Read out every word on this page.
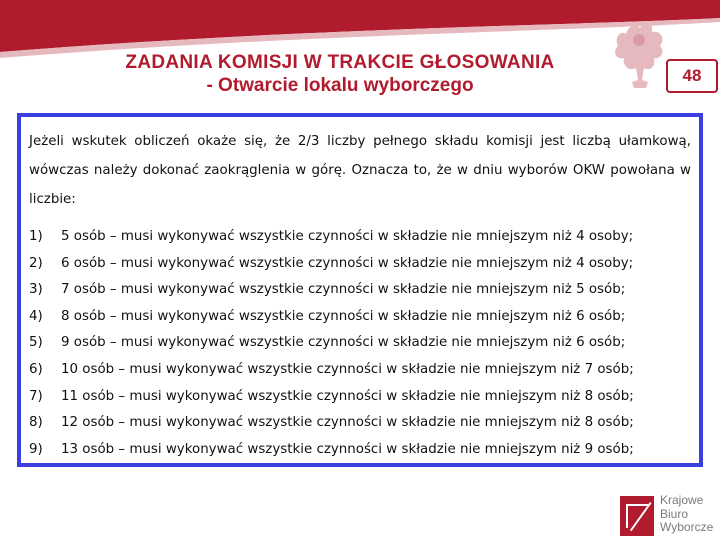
ZADANIA KOMISJI W TRAKCIE GŁOSOWANIA
- Otwarcie lokalu wyborczego	48

Jeżeli wskutek obliczeń okaże się, że 2/3 liczby pełnego składu komisji jest liczbą ułamkową, wówczas należy dokonać zaokrąglenia w górę. Oznacza to, że w dniu wyborów OKW powołana w liczbie:

1)	5 osób – musi wykonywać wszystkie czynności w składzie nie mniejszym niż 4 osoby;
2)	6 osób – musi wykonywać wszystkie czynności w składzie nie mniejszym niż 4 osoby;
3)	7 osób – musi wykonywać wszystkie czynności w składzie nie mniejszym niż 5 osób;
4)	8 osób – musi wykonywać wszystkie czynności w składzie nie mniejszym niż 6 osób;
5)	9 osób – musi wykonywać wszystkie czynności w składzie nie mniejszym niż 6 osób;
6)	10 osób – musi wykonywać wszystkie czynności w składzie nie mniejszym niż 7 osób;
7)	11 osób – musi wykonywać wszystkie czynności w składzie nie mniejszym niż 8 osób;
8)	12 osób – musi wykonywać wszystkie czynności w składzie nie mniejszym niż 8 osób;
9)	13 osób – musi wykonywać wszystkie czynności w składzie nie mniejszym niż 9 osób;
Krajowe
Biuro
Wyborcze
